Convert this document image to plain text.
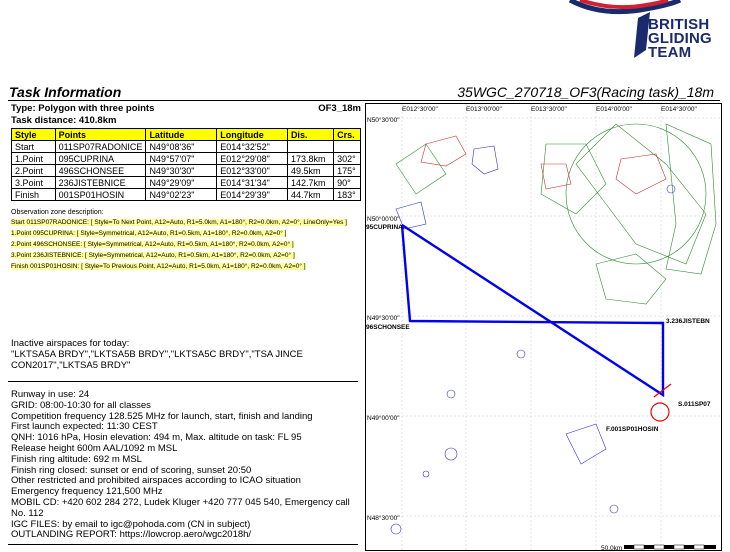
BRITISH
GLIDING
TEAM
Task Information	35WGC_270718_OF3(Racing task)_18m
Type: Polygon with three points	OF3_18m
Task distance: 410.8km
Style	Points	Latitude	Longitude	Dis.	Crs.
Start	011SP07RADONICE	N49°08'36"	E014°32'52"		
1.Point	095CUPRINA	N49°57'07"	E012°29'08"	173.8km	302°
2.Point	496SCHONSEE	N49°30'30"	E012°33'00"	49.5km	175°
3.Point	236JISTEBNICE	N49°29'09"	E014°31'34"	142.7km	90°
Finish	001SP01HOSIN	N49°02'23"	E014°29'39"	44.7km	183°
Observation zone description:
Start 011SP07RADONICE: [ Style=To Next Point, A12=Auto, R1=5.0km, A1=180°, R2=0.0km, A2=0°, LineOnly=Yes ]
1.Point 095CUPRINA: [ Style=Symmetrical, A12=Auto, R1=0.5km, A1=180°, R2=0.0km, A2=0° ]
2.Point 496SCHONSEE: [ Style=Symmetrical, A12=Auto, R1=0.5km, A1=180°, R2=0.0km, A2=0° ]
3.Point 236JISTEBNICE: [ Style=Symmetrical, A12=Auto, R1=0.5km, A1=180°, R2=0.0km, A2=0° ]
Finish 001SP01HOSIN: [ Style=To Previous Point, A12=Auto, R1=5.0km, A1=180°, R2=0.0km, A2=0° ]
Inactive airspaces for today:
"LKTSA5A BRDY","LKTSA5B BRDY","LKTSA5C BRDY","TSA JINCE CON2017","LKTSA5 BRDY"
Runway in use: 24
GRID: 08:00-10:30 for all classes
Competition frequency 128.525 MHz for launch, start, finish and landing
First launch expected: 11:30 CEST
QNH: 1016 hPa, Hosin elevation: 494 m, Max. altitude on task: FL 95
Release height 600m AAL/1092 m MSL
Finish ring altitude: 692 m MSL
Finish ring closed: sunset or end of scoring, sunset 20:50
Other restricted and prohibited airspaces according to ICAO situation
Emergency frequency 121,500 MHz
MOBIL CD: +420 602 284 272, Ludek Kluger +420 777 045 540, Emergency call No. 112
IGC FILES: by email to igc@pohoda.com (CN in subject)
OUTLANDING REPORT: https://lowcrop.aero/wgc2018h/
E012°30'00"	E013°00'00"	E013°30'00"	E014°00'00"	E014°30'00"
N50°30'00"
N50°00'00"
N49°30'00"
N49°00'00"
N48°30'00"
95CUPRINA
96SCHONSEE
3.236JISTEBN
S.011SP07
F.001SP01HOSIN
50.0km
